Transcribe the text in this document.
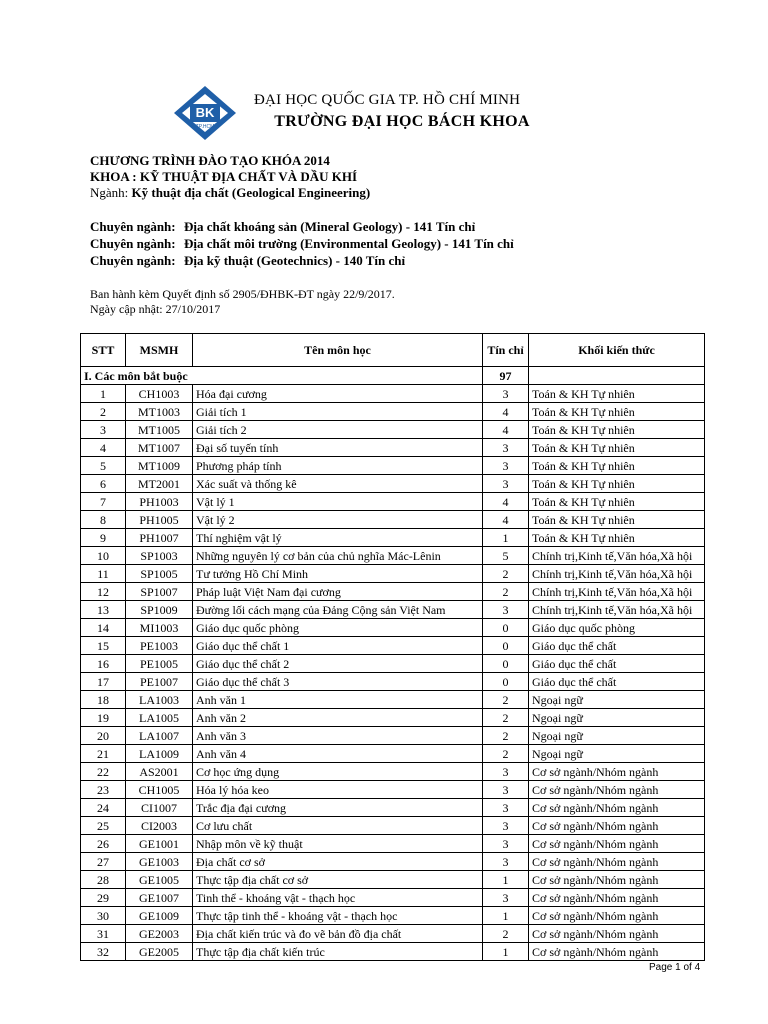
BK
TP.HCM
ĐẠI HỌC QUỐC GIA TP. HỒ CHÍ MINH
TRƯỜNG ĐẠI HỌC BÁCH KHOA
CHƯƠNG TRÌNH ĐÀO TẠO KHÓA 2014
KHOA : KỸ THUẬT ĐỊA CHẤT VÀ DẦU KHÍ
Ngành: Kỹ thuật địa chất (Geological Engineering)
Chuyên ngành: Địa chất khoáng sản (Mineral Geology) - 141 Tín chỉ
Chuyên ngành: Địa chất môi trường (Environmental Geology) - 141 Tín chỉ
Chuyên ngành: Địa kỹ thuật (Geotechnics) - 140 Tín chỉ
Ban hành kèm Quyết định số 2905/ĐHBK-ĐT ngày 22/9/2017.
Ngày cập nhật: 27/10/2017
STT	MSMH	Tên môn học	Tín chỉ	Khối kiến thức
I. Các môn bắt buộc			97	
1	CH1003	Hóa đại cương	3	Toán & KH Tự nhiên
2	MT1003	Giải tích 1	4	Toán & KH Tự nhiên
3	MT1005	Giải tích 2	4	Toán & KH Tự nhiên
4	MT1007	Đại số tuyến tính	3	Toán & KH Tự nhiên
5	MT1009	Phương pháp tính	3	Toán & KH Tự nhiên
6	MT2001	Xác suất và thống kê	3	Toán & KH Tự nhiên
7	PH1003	Vật lý 1	4	Toán & KH Tự nhiên
8	PH1005	Vật lý 2	4	Toán & KH Tự nhiên
9	PH1007	Thí nghiệm vật lý	1	Toán & KH Tự nhiên
10	SP1003	Những nguyên lý cơ bản của chủ nghĩa Mác-Lênin	5	Chính trị,Kinh tế,Văn hóa,Xã hội
11	SP1005	Tư tưởng Hồ Chí Minh	2	Chính trị,Kinh tế,Văn hóa,Xã hội
12	SP1007	Pháp luật Việt Nam đại cương	2	Chính trị,Kinh tế,Văn hóa,Xã hội
13	SP1009	Đường lối cách mạng của Đảng Cộng sản Việt Nam	3	Chính trị,Kinh tế,Văn hóa,Xã hội
14	MI1003	Giáo dục quốc phòng	0	Giáo dục quốc phòng
15	PE1003	Giáo dục thể chất 1	0	Giáo dục thể chất
16	PE1005	Giáo dục thể chất 2	0	Giáo dục thể chất
17	PE1007	Giáo dục thể chất 3	0	Giáo dục thể chất
18	LA1003	Anh văn 1	2	Ngoại ngữ
19	LA1005	Anh văn 2	2	Ngoại ngữ
20	LA1007	Anh văn 3	2	Ngoại ngữ
21	LA1009	Anh văn 4	2	Ngoại ngữ
22	AS2001	Cơ học ứng dụng	3	Cơ sở ngành/Nhóm ngành
23	CH1005	Hóa lý hóa keo	3	Cơ sở ngành/Nhóm ngành
24	CI1007	Trắc địa đại cương	3	Cơ sở ngành/Nhóm ngành
25	CI2003	Cơ lưu chất	3	Cơ sở ngành/Nhóm ngành
26	GE1001	Nhập môn về kỹ thuật	3	Cơ sở ngành/Nhóm ngành
27	GE1003	Địa chất cơ sở	3	Cơ sở ngành/Nhóm ngành
28	GE1005	Thực tập địa chất cơ sở	1	Cơ sở ngành/Nhóm ngành
29	GE1007	Tinh thể - khoáng vật - thạch học	3	Cơ sở ngành/Nhóm ngành
30	GE1009	Thực tập tinh thể - khoáng vật - thạch học	1	Cơ sở ngành/Nhóm ngành
31	GE2003	Địa chất kiến trúc và đo vẽ bản đồ địa chất	2	Cơ sở ngành/Nhóm ngành
32	GE2005	Thực tập địa chất kiến trúc	1	Cơ sở ngành/Nhóm ngành
Page 1 of 4
